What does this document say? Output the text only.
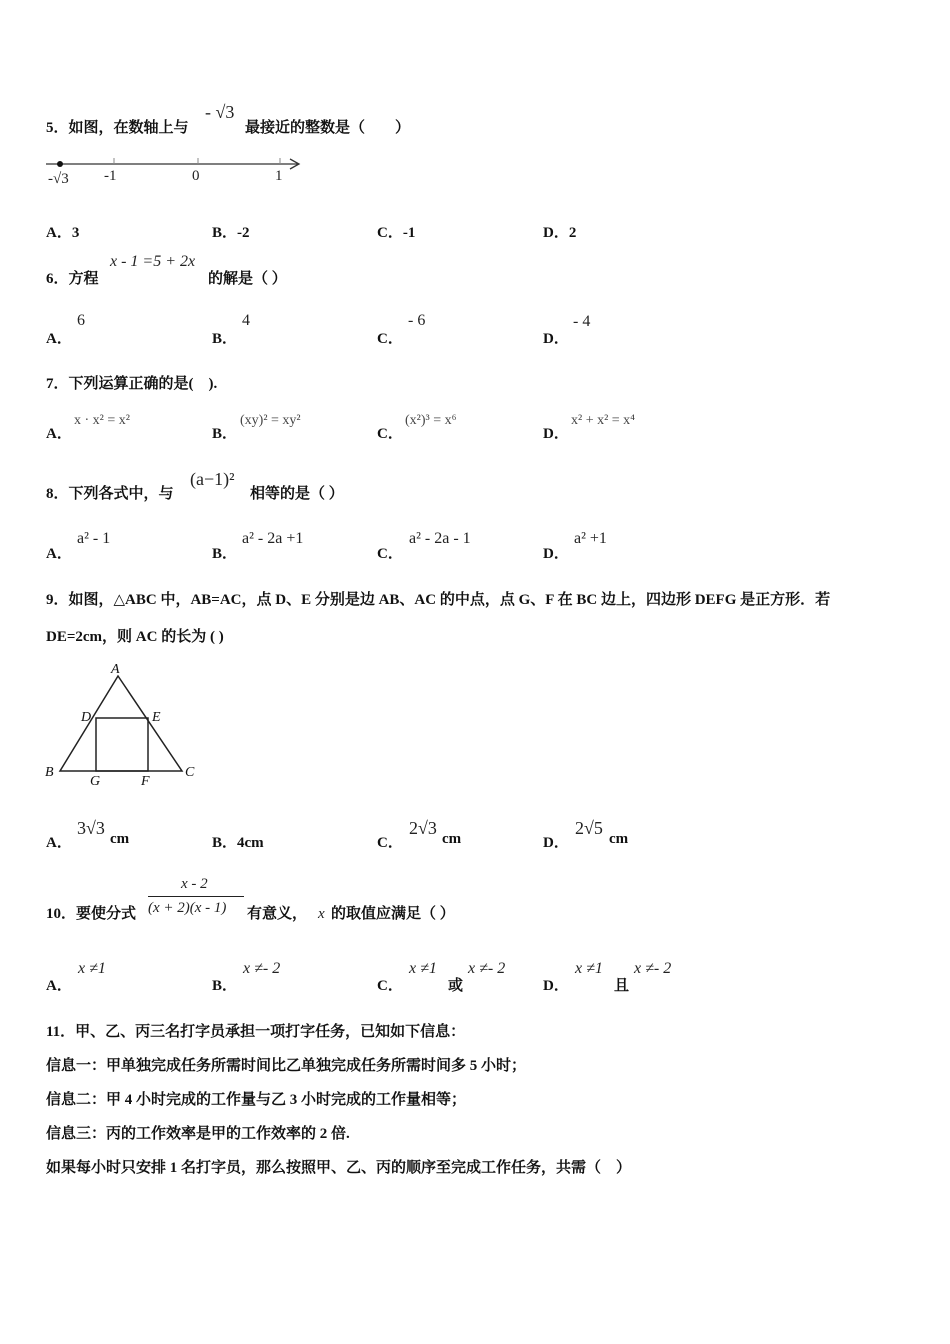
5．如图，在数轴上与
- √3
最接近的整数是（　　）
-√3 -1	0	1
A．3	B．-2	C．-1	D．2
6．方程
x - 1 =5 + 2x
的解是（ ）
A．
6
B．
4
C．
- 6
D．
- 4
7．下列运算正确的是(　).
A．
x · x² = x²
B．
(xy)² = xy²
C．
(x²)³ = x⁶
D．
x² + x² = x⁴
8．下列各式中，与
(a−1)²
相等的是（ ）
A．
a² - 1
B．
a² - 2a +1
C．
a² - 2a - 1
D．
a² +1
9．如图，△ABC 中，AB=AC，点 D、E 分别是边 AB、AC 的中点，点 G、F 在 BC 边上，四边形 DEFG 是正方形．若
DE=2cm，则 AC 的长为 ( )
A
D	E
B
G	F
C
A．
3√3
cm	B．4cm	C．
2√3
cm	D．
2√5
cm
10．要使分式
x - 2
(x + 2)(x - 1) 有意义， x 的取值应满足（ ）
A．
x ≠1
B．
x ≠- 2
C．
x ≠1
或
x ≠- 2
D．
x ≠1
且
x ≠- 2
11．甲、乙、丙三名打字员承担一项打字任务，已知如下信息：
信息一：甲单独完成任务所需时间比乙单独完成任务所需时间多 5 小时；
信息二：甲 4 小时完成的工作量与乙 3 小时完成的工作量相等；
信息三：丙的工作效率是甲的工作效率的 2 倍.
如果每小时只安排 1 名打字员，那么按照甲、乙、丙的顺序至完成工作任务，共需（　）
